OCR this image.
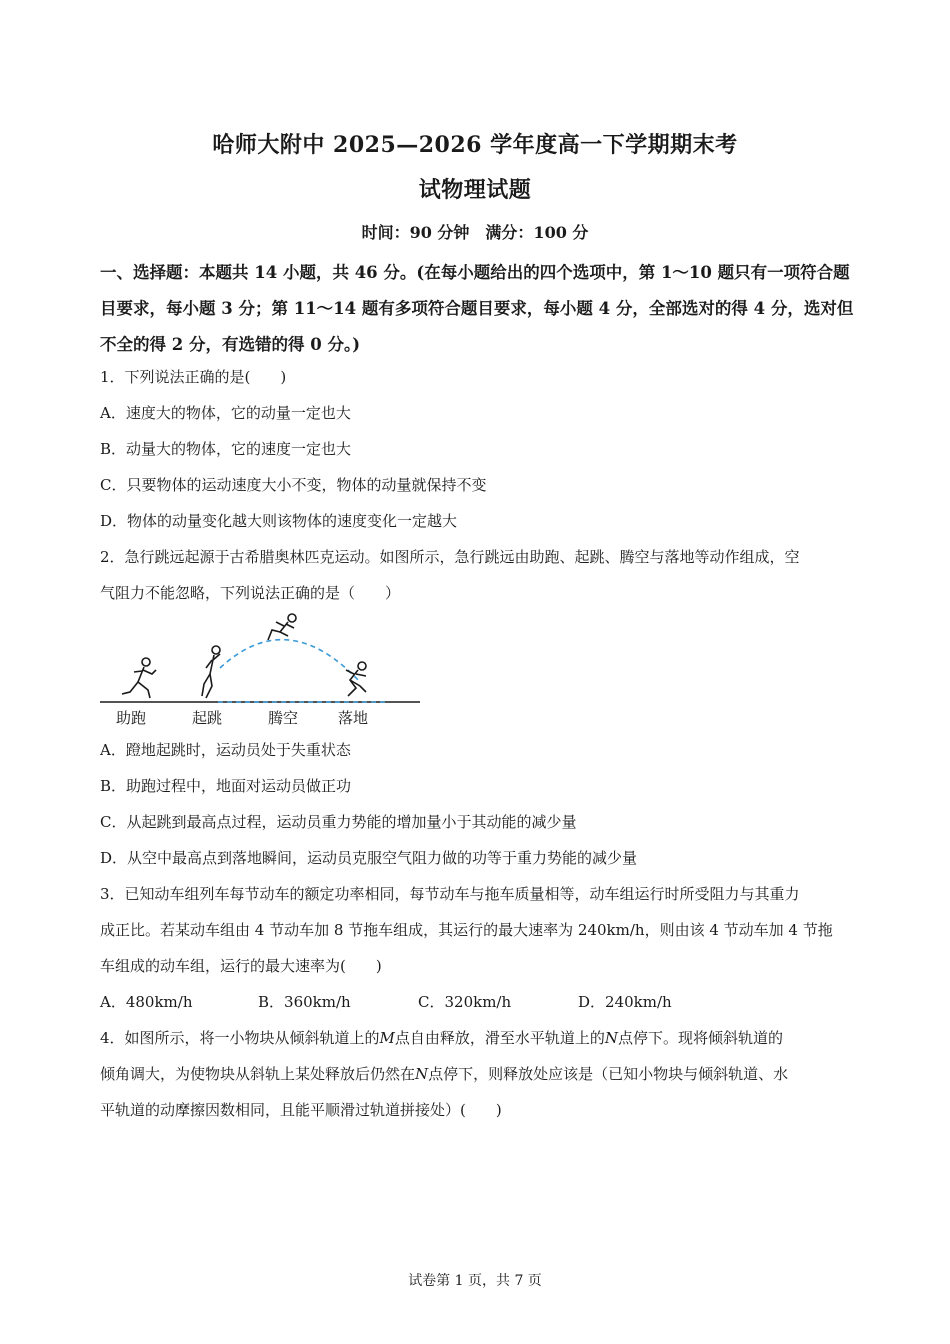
哈师大附中 2025—2026 学年度高一下学期期末考
试物理试题
时间：90 分钟　满分：100 分
一、选择题：本题共 14 小题，共 46 分。(在每小题给出的四个选项中，第 1～10 题只有一项符合题目要求，每小题 3 分；第 11～14 题有多项符合题目要求，每小题 4 分，全部选对的得 4 分，选对但不全的得 2 分，有选错的得 0 分。)
1．下列说法正确的是(　　)
A．速度大的物体，它的动量一定也大
B．动量大的物体，它的速度一定也大
C．只要物体的运动速度大小不变，物体的动量就保持不变
D．物体的动量变化越大则该物体的速度变化一定越大
2．急行跳远起源于古希腊奥林匹克运动。如图所示，急行跳远由助跑、起跳、腾空与落地等动作组成，空
气阻力不能忽略，下列说法正确的是（　　）
助跑	起跳	腾空	落地
A．蹬地起跳时，运动员处于失重状态
B．助跑过程中，地面对运动员做正功
C．从起跳到最高点过程，运动员重力势能的增加量小于其动能的减少量
D．从空中最高点到落地瞬间，运动员克服空气阻力做的功等于重力势能的减少量
3．已知动车组列车每节动车的额定功率相同，每节动车与拖车质量相等，动车组运行时所受阻力与其重力
成正比。若某动车组由 4 节动车加 8 节拖车组成，其运行的最大速率为 240km/h，则由该 4 节动车加 4 节拖
车组成的动车组，运行的最大速率为(　　)
A．480km/h	B．360km/h	C．320km/h	D．240km/h
4．如图所示，将一小物块从倾斜轨道上的M点自由释放，滑至水平轨道上的N点停下。现将倾斜轨道的
倾角调大，为使物块从斜轨上某处释放后仍然在N点停下，则释放处应该是（已知小物块与倾斜轨道、水
平轨道的动摩擦因数相同，且能平顺滑过轨道拼接处）(　　)
试卷第 1 页，共 7 页
